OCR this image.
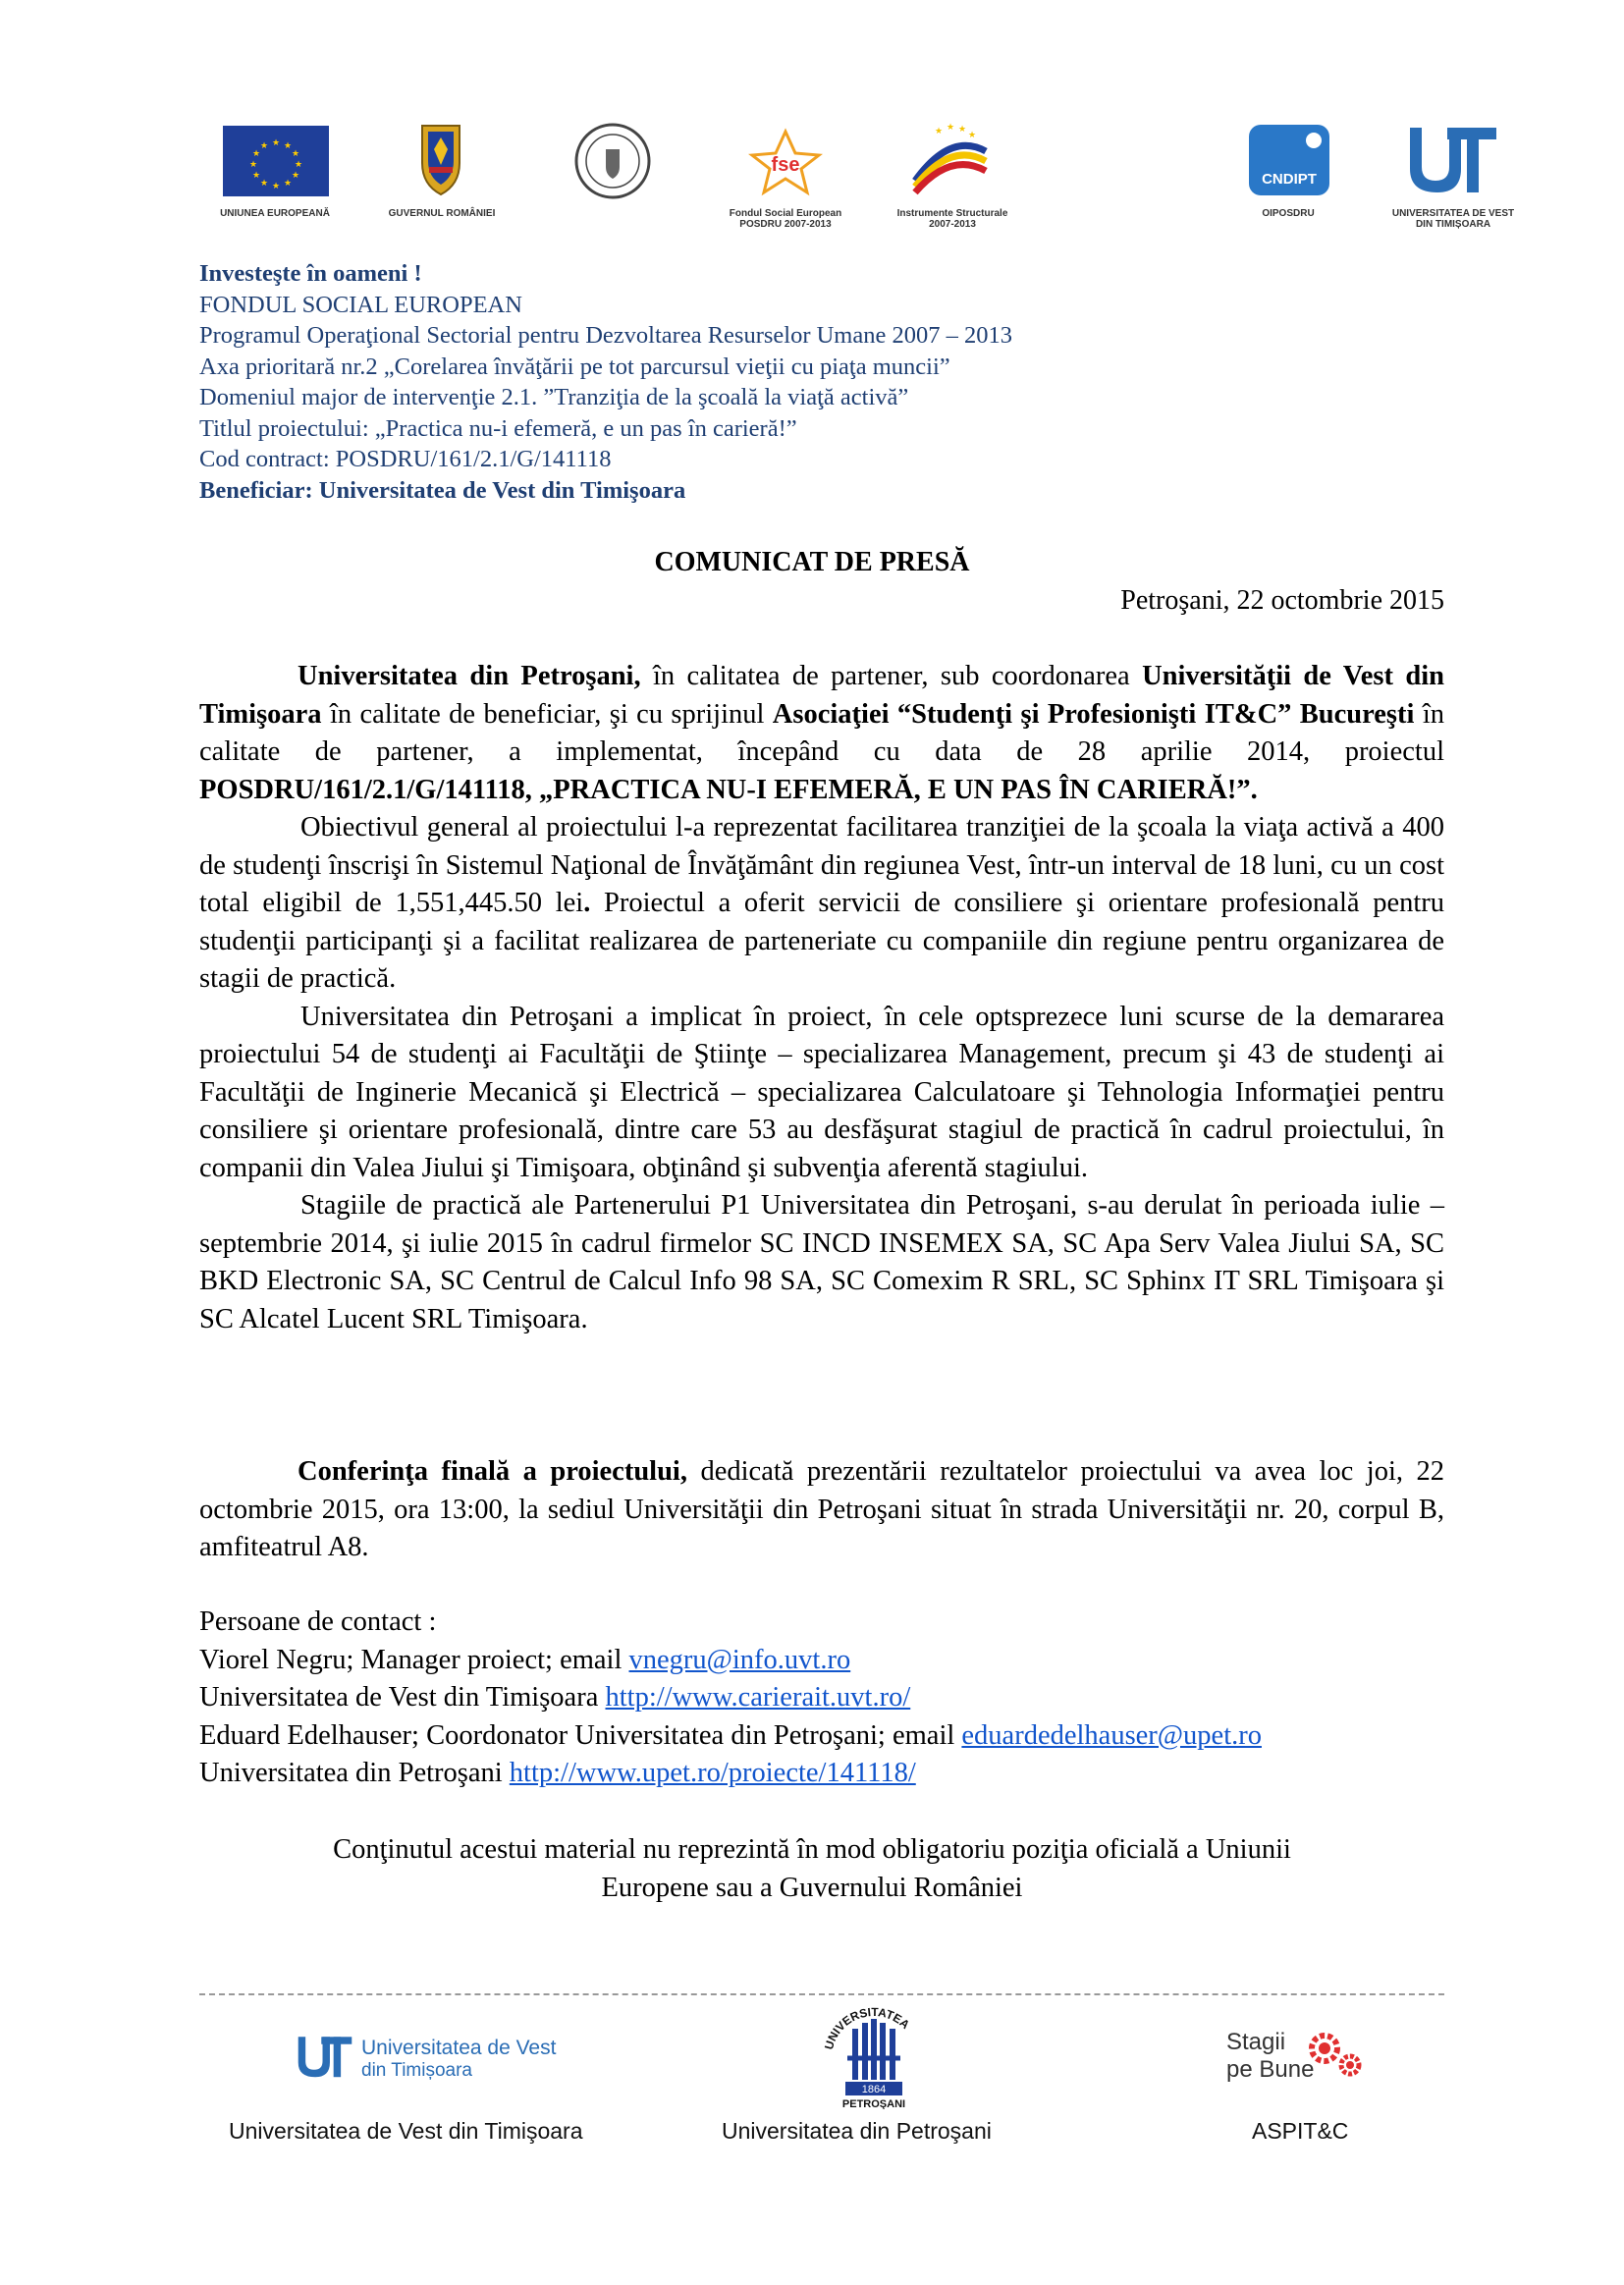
★ ★
★
★
★
★
★
★
★
★
★
★
UNIUNEA EUROPEANĂ	GUVERNUL ROMÂNIEI
fse
Fondul Social European
POSDRU 2007-2013
★ ★ ★
★
Instrumente Structurale
2007-2013
CNDIPT
OIPOSDRU	UNIVERSITATEA DE VEST
DIN TIMIȘOARA
Investeşte în oameni !
FONDUL SOCIAL EUROPEAN
Programul Operaţional Sectorial pentru Dezvoltarea Resurselor Umane 2007 – 2013
Axa prioritară nr.2 „Corelarea învăţării pe tot parcursul vieţii cu piaţa muncii”
Domeniul major de intervenţie 2.1. ”Tranziţia de la şcoală la viaţă activă”
Titlul proiectului: „Practica nu-i efemeră, e un pas în carieră!”
Cod contract: POSDRU/161/2.1/G/141118
Beneficiar: Universitatea de Vest din Timişoara
COMUNICAT DE PRESĂ
Petroşani, 22 octombrie 2015

Universitatea din Petroşani, în calitatea de partener, sub coordonarea Universităţii de Vest din Timişoara în calitate de beneficiar, şi cu sprijinul Asociaţiei “Studenţi şi Profesionişti IT&C” Bucureşti în calitate de partener, a implementat, începând cu data de 28 aprilie 2014, proiectul POSDRU/161/2.1/G/141118, „PRACTICA NU-I EFEMERĂ, E UN PAS ÎN CARIERĂ!”.

Obiectivul general al proiectului l-a reprezentat facilitarea tranziţiei de la şcoala la viaţa activă a 400 de studenţi înscrişi în Sistemul Naţional de Învăţământ din regiunea Vest, într-un interval de 18 luni, cu un cost total eligibil de 1,551,445.50 lei. Proiectul a oferit servicii de consiliere şi orientare profesională pentru studenţii participanţi şi a facilitat realizarea de parteneriate cu companiile din regiune pentru organizarea de stagii de practică.

Universitatea din Petroşani a implicat în proiect, în cele optsprezece luni scurse de la demararea proiectului 54 de studenţi ai Facultăţii de Ştiinţe – specializarea Management, precum şi 43 de studenţi ai Facultăţii de Inginerie Mecanică şi Electrică – specializarea Calculatoare şi Tehnologia Informaţiei pentru consiliere şi orientare profesională, dintre care 53 au desfăşurat stagiul de practică în cadrul proiectului, în companii din Valea Jiului şi Timişoara, obţinând şi subvenţia aferentă stagiului.

Stagiile de practică ale Partenerului P1 Universitatea din Petroşani, s-au derulat în perioada iulie – septembrie 2014, şi iulie 2015 în cadrul firmelor SC INCD INSEMEX SA, SC Apa Serv Valea Jiului SA, SC BKD Electronic SA, SC Centrul de Calcul Info 98 SA, SC Comexim R SRL, SC Sphinx IT SRL Timişoara şi SC Alcatel Lucent SRL Timişoara.

Conferinţa finală a proiectului, dedicată prezentării rezultatelor proiectului va avea loc joi, 22 octombrie 2015, ora 13:00, la sediul Universităţii din Petroşani situat în strada Universităţii nr. 20, corpul B, amfiteatrul A8.

Persoane de contact :
Viorel Negru; Manager proiect; email vnegru@info.uvt.ro
Universitatea de Vest din Timişoara http://www.carierait.uvt.ro/
Eduard Edelhauser; Coordonator Universitatea din Petroşani; email eduardedelhauser@upet.ro
Universitatea din Petroşani http://www.upet.ro/proiecte/141118/
Conţinutul acestui material nu reprezintă în mod obligatoriu poziţia oficială a Uniunii
Europene sau a Guvernului României
Universitatea de Vest
din Timișoara
Universitatea de Vest din Timişoara
UNIVERSITATEA
1864
PETROŞANI
Universitatea din Petroşani
Stagii
pe Bune
ASPIT&C
